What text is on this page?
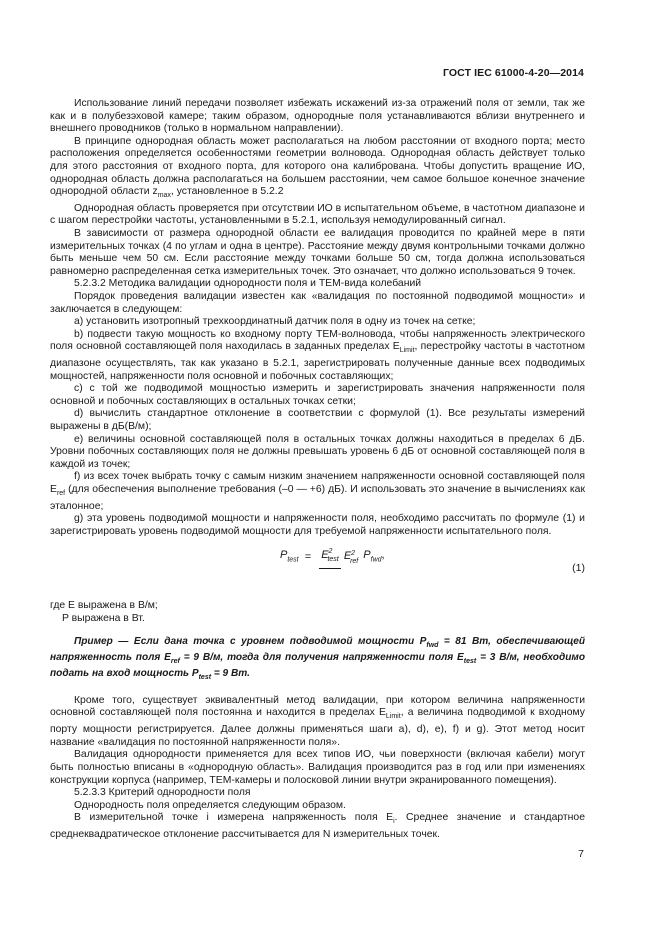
ГОСТ IEC 61000-4-20—2014

Использование линий передачи позволяет избежать искажений из-за отражений поля от земли, так же как и в полубезэховой камере; таким образом, однородные поля устанавливаются вблизи внутреннего и внешнего проводников (только в нормальном направлении).

В принципе однородная область может располагаться на любом расстоянии от входного порта; место расположения определяется особенностями геометрии волновода. Однородная область действует только для этого расстояния от входного порта, для которого она калибрована. Чтобы допустить вращение ИО, однородная область должна располагаться на большем расстоянии, чем самое большое конечное значение однородной области $z_{max}$, установленное в 5.2.2

Однородная область проверяется при отсутствии ИО в испытательном объеме, в частотном диапазоне и с шагом перестройки частоты, установленными в 5.2.1, используя немодулированный сигнал.

В зависимости от размера однородной области ее валидация проводится по крайней мере в пяти измерительных точках (4 по углам и одна в центре). Расстояние между двумя контрольными точками должно быть меньше чем 50 см. Если расстояние между точками больше 50 см, тогда должна использоваться равномерно распределенная сетка измерительных точек. Это означает, что должно использоваться 9 точек.

5.2.3.2 Методика валидации однородности поля и ТЕМ-вида колебаний

Порядок проведения валидации известен как «валидация по постоянной подводимой мощности» и заключается в следующем:

a) установить изотропный трехкоординатный датчик поля в одну из точек на сетке;

b) подвести такую мощность ко входному порту ТЕМ-волновода, чтобы напряженность электрического поля основной составляющей поля находилась в заданных пределах $E_{Limit}$, перестройку частоты в частотном диапазоне осуществлять, так как указано в 5.2.1, зарегистрировать полученные данные всех подводимых мощностей, напряженности поля основной и побочных составляющих;

c) с той же подводимой мощностью измерить и зарегистрировать значения напряженности поля основной и побочных составляющих в остальных точках сетки;

d) вычислить стандартное отклонение в соответствии с формулой (1). Все результаты измерений выражены в дБ(В/м);

e) величины основной составляющей поля в остальных точках должны находиться в пределах 6 дБ. Уровни побочных составляющих поля не должны превышать уровень 6 дБ от основной составляющей поля в каждой из точек;

f) из всех точек выбрать точку с самым низким значением напряженности основной составляющей поля $E_{ref}$ (для обеспечения выполнение требования (–0 — +6) дБ). И использовать это значение в вычислениях как эталонное;

g) эта уровень подводимой мощности и напряженности поля, необходимо рассчитать по формуле (1) и зарегистрировать уровень подводимой мощности для требуемой напряженности испытательного поля.

$P_{test} = E^2_{test}$ $E^2_{ref}$ $P_{fwd}$,
(1)

где E выражена в В/м;

P выражена в Вт.

Пример — Если дана точка с уровнем подводимой мощности $P_{fwd} = 81$ Вт, обеспечивающей напряженность поля $E_{ref} = 9$ В/м, тогда для получения напряженности поля $E_{test} = 3$ В/м, необходимо подать на вход мощность $P_{test} = 9$ Вт.

Кроме того, существует эквивалентный метод валидации, при котором величина напряженности основной составляющей поля постоянна и находится в пределах $E_{Limit}$, а величина подводимой к входному порту мощности регистрируется. Далее должны применяться шаги a), d), e), f) и g). Этот метод носит название «валидация по постоянной напряженности поля».

Валидация однородности применяется для всех типов ИО, чьи поверхности (включая кабели) могут быть полностью вписаны в «однородную область». Валидация производится раз в год или при изменениях конструкции корпуса (например, ТЕМ-камеры и полосковой линии внутри экранированного помещения).

5.2.3.3 Критерий однородности поля

Однородность поля определяется следующим образом.

В измерительной точке i измерена напряженность поля $E_i$. Среднее значение и стандартное среднеквадратическое отклонение рассчитывается для N измерительных точек.

7
